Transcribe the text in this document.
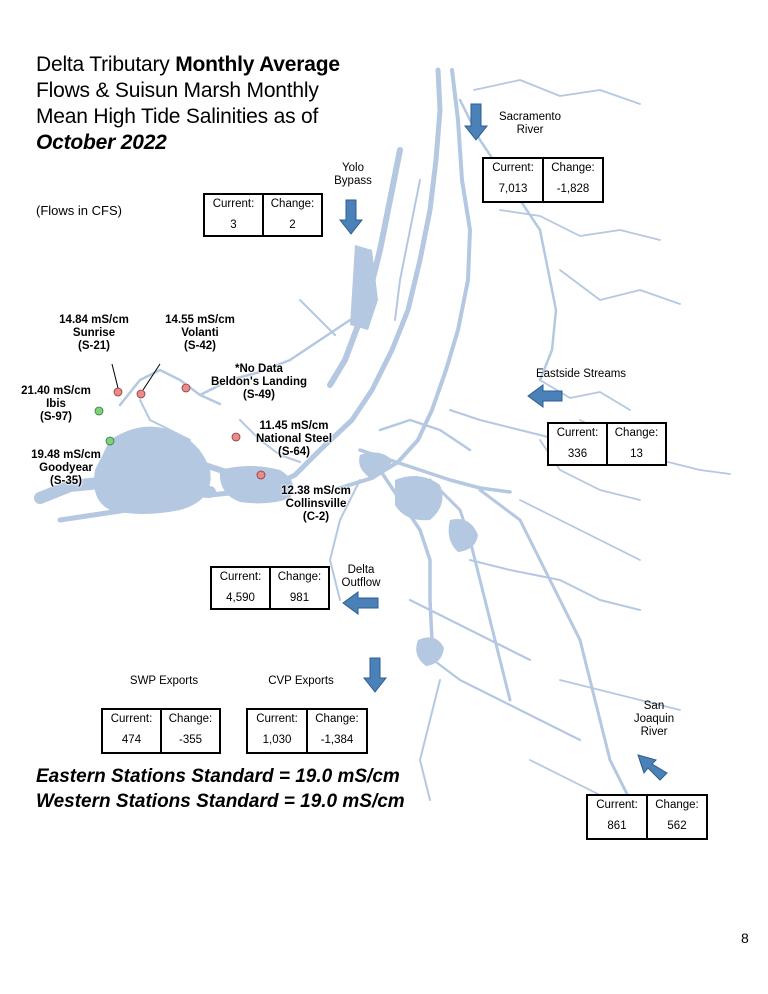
Delta Tributary Monthly Average
Flows & Suisun Marsh Monthly
Mean High Tide Salinities as of
October 2022
(Flows in CFS)
Sacramento
River
Yolo
Bypass
Eastside Streams
Delta
Outflow
SWP Exports	CVP Exports
San
Joaquin
River
Current:
7,013
Change:
-1,828
Current:
3
Change:
2
Current:
336
Change:
13
Current:
4,590
Change:
981
Current:
474
Change:
-355
Current:
1,030
Change:
-1,384
Current:
861
Change:
562
14.84 mS/cm
Sunrise
(S-21)
14.55 mS/cm
Volanti
(S-42)
*No Data
Beldon's Landing
(S-49)
21.40 mS/cm
Ibis
(S-97)
19.48 mS/cm
Goodyear
(S-35)
11.45 mS/cm
National Steel
(S-64)
12.38 mS/cm
Collinsville
(C-2)
Eastern Stations Standard = 19.0 mS/cm
Western Stations Standard = 19.0 mS/cm
8
